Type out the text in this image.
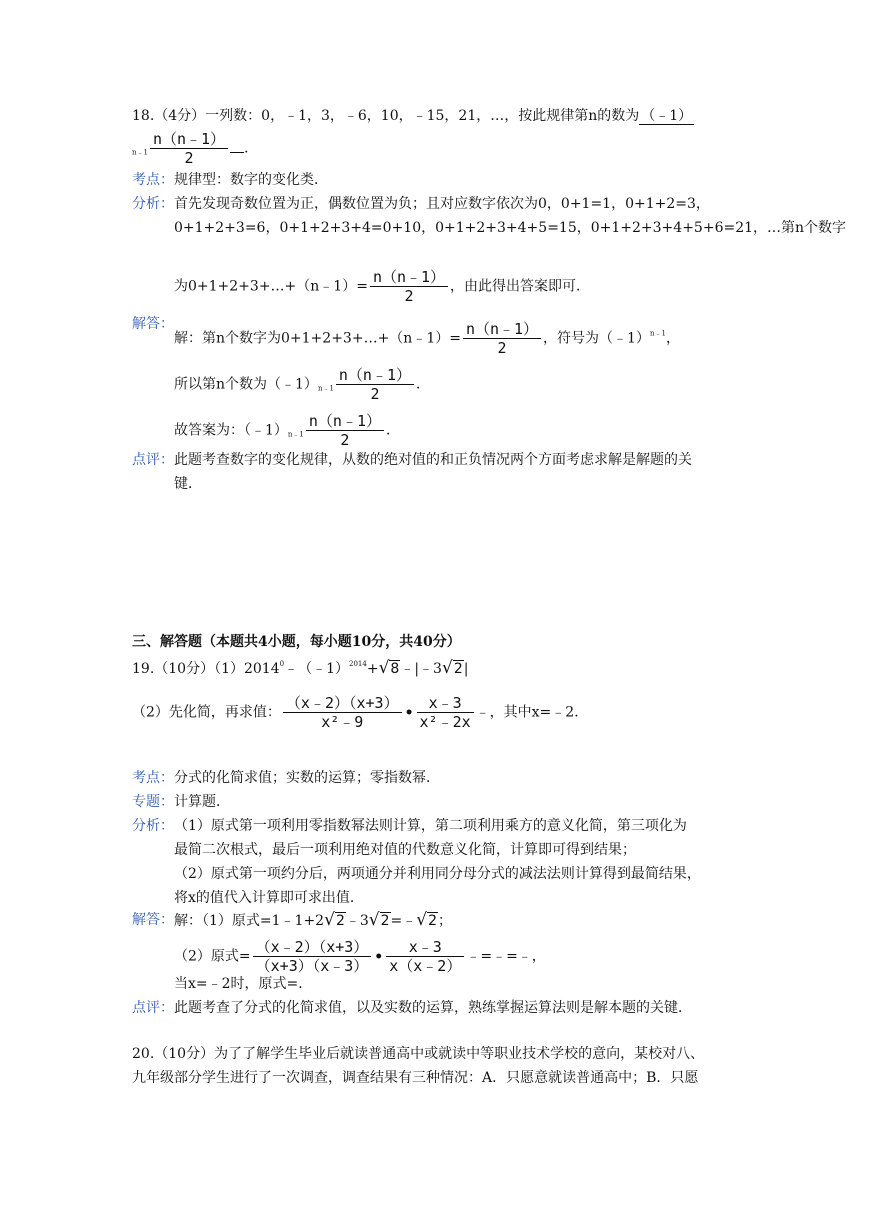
18.（4分）一列数：0，﹣1，3，﹣6，10，﹣15，21，…，按此规律第n的数为 （﹣1）
n﹣1 $\frac{n(n﹣1)}{2}$ ．
考点： 规律型：数字的变化类．
分析： 首先发现奇数位置为正，偶数位置为负；且对应数字依次为0，0+1=1，0+1+2=3，
0+1+2+3=6，0+1+2+3+4=0+10，0+1+2+3+4+5=15，0+1+2+3+4+5+6=21，…第n个数字
为0+1+2+3+…+（n﹣1）= $\frac{n(n﹣1)}{2}$ ，由此得出答案即可．
解答：
解：第n个数字为0+1+2+3+…+（n﹣1）= $\frac{n(n﹣1)}{2}$ ，符号为（﹣1）$^{n﹣1}$，
所以第n个数为（﹣1）n﹣1 $\frac{n(n﹣1)}{2}$ ．
故答案为：（﹣1）n﹣1 $\frac{n(n﹣1)}{2}$ ．
点评： 此题考查数字的变化规律，从数的绝对值的和正负情况两个方面考虑求解是解题的关
键．
三、解答题（本题共4小题，每小题10分，共40分）
19.（10分）$(1)2014^0﹣(﹣1)^{2014}+√8﹣|﹣3√2|$
（2）先化简，再求值： $\frac{(x﹣2)(x+3)}{\text{x²﹣9}}$ • $\frac{x﹣3}{\text{x²﹣2x}}$ ﹣，其中x=﹣2．
考点： 分式的化简求值；实数的运算；零指数幂．
专题： 计算题．
分析： （1）原式第一项利用零指数幂法则计算，第二项利用乘方的意义化简，第三项化为
最简二次根式，最后一项利用绝对值的代数意义化简，计算即可得到结果；
（2）原式第一项约分后，两项通分并利用同分母分式的减法法则计算得到最简结果，
将x的值代入计算即可求出值．
解答： 解：（1）原式=1﹣1+2√2﹣3√2=﹣√2；
（2）原式= $\frac{(x﹣2)(x+3)}{(x+3)(x﹣3)}$ • $\frac{x﹣3}{x(x﹣2)}$ ﹣=﹣=﹣，
当x=﹣2时，原式=．
点评： 此题考查了分式的化简求值，以及实数的运算，熟练掌握运算法则是解本题的关键．
20.（10分）为了了解学生毕业后就读普通高中或就读中等职业技术学校的意向，某校对八、
九年级部分学生进行了一次调查，调查结果有三种情况：A．只愿意就读普通高中；B．只愿
